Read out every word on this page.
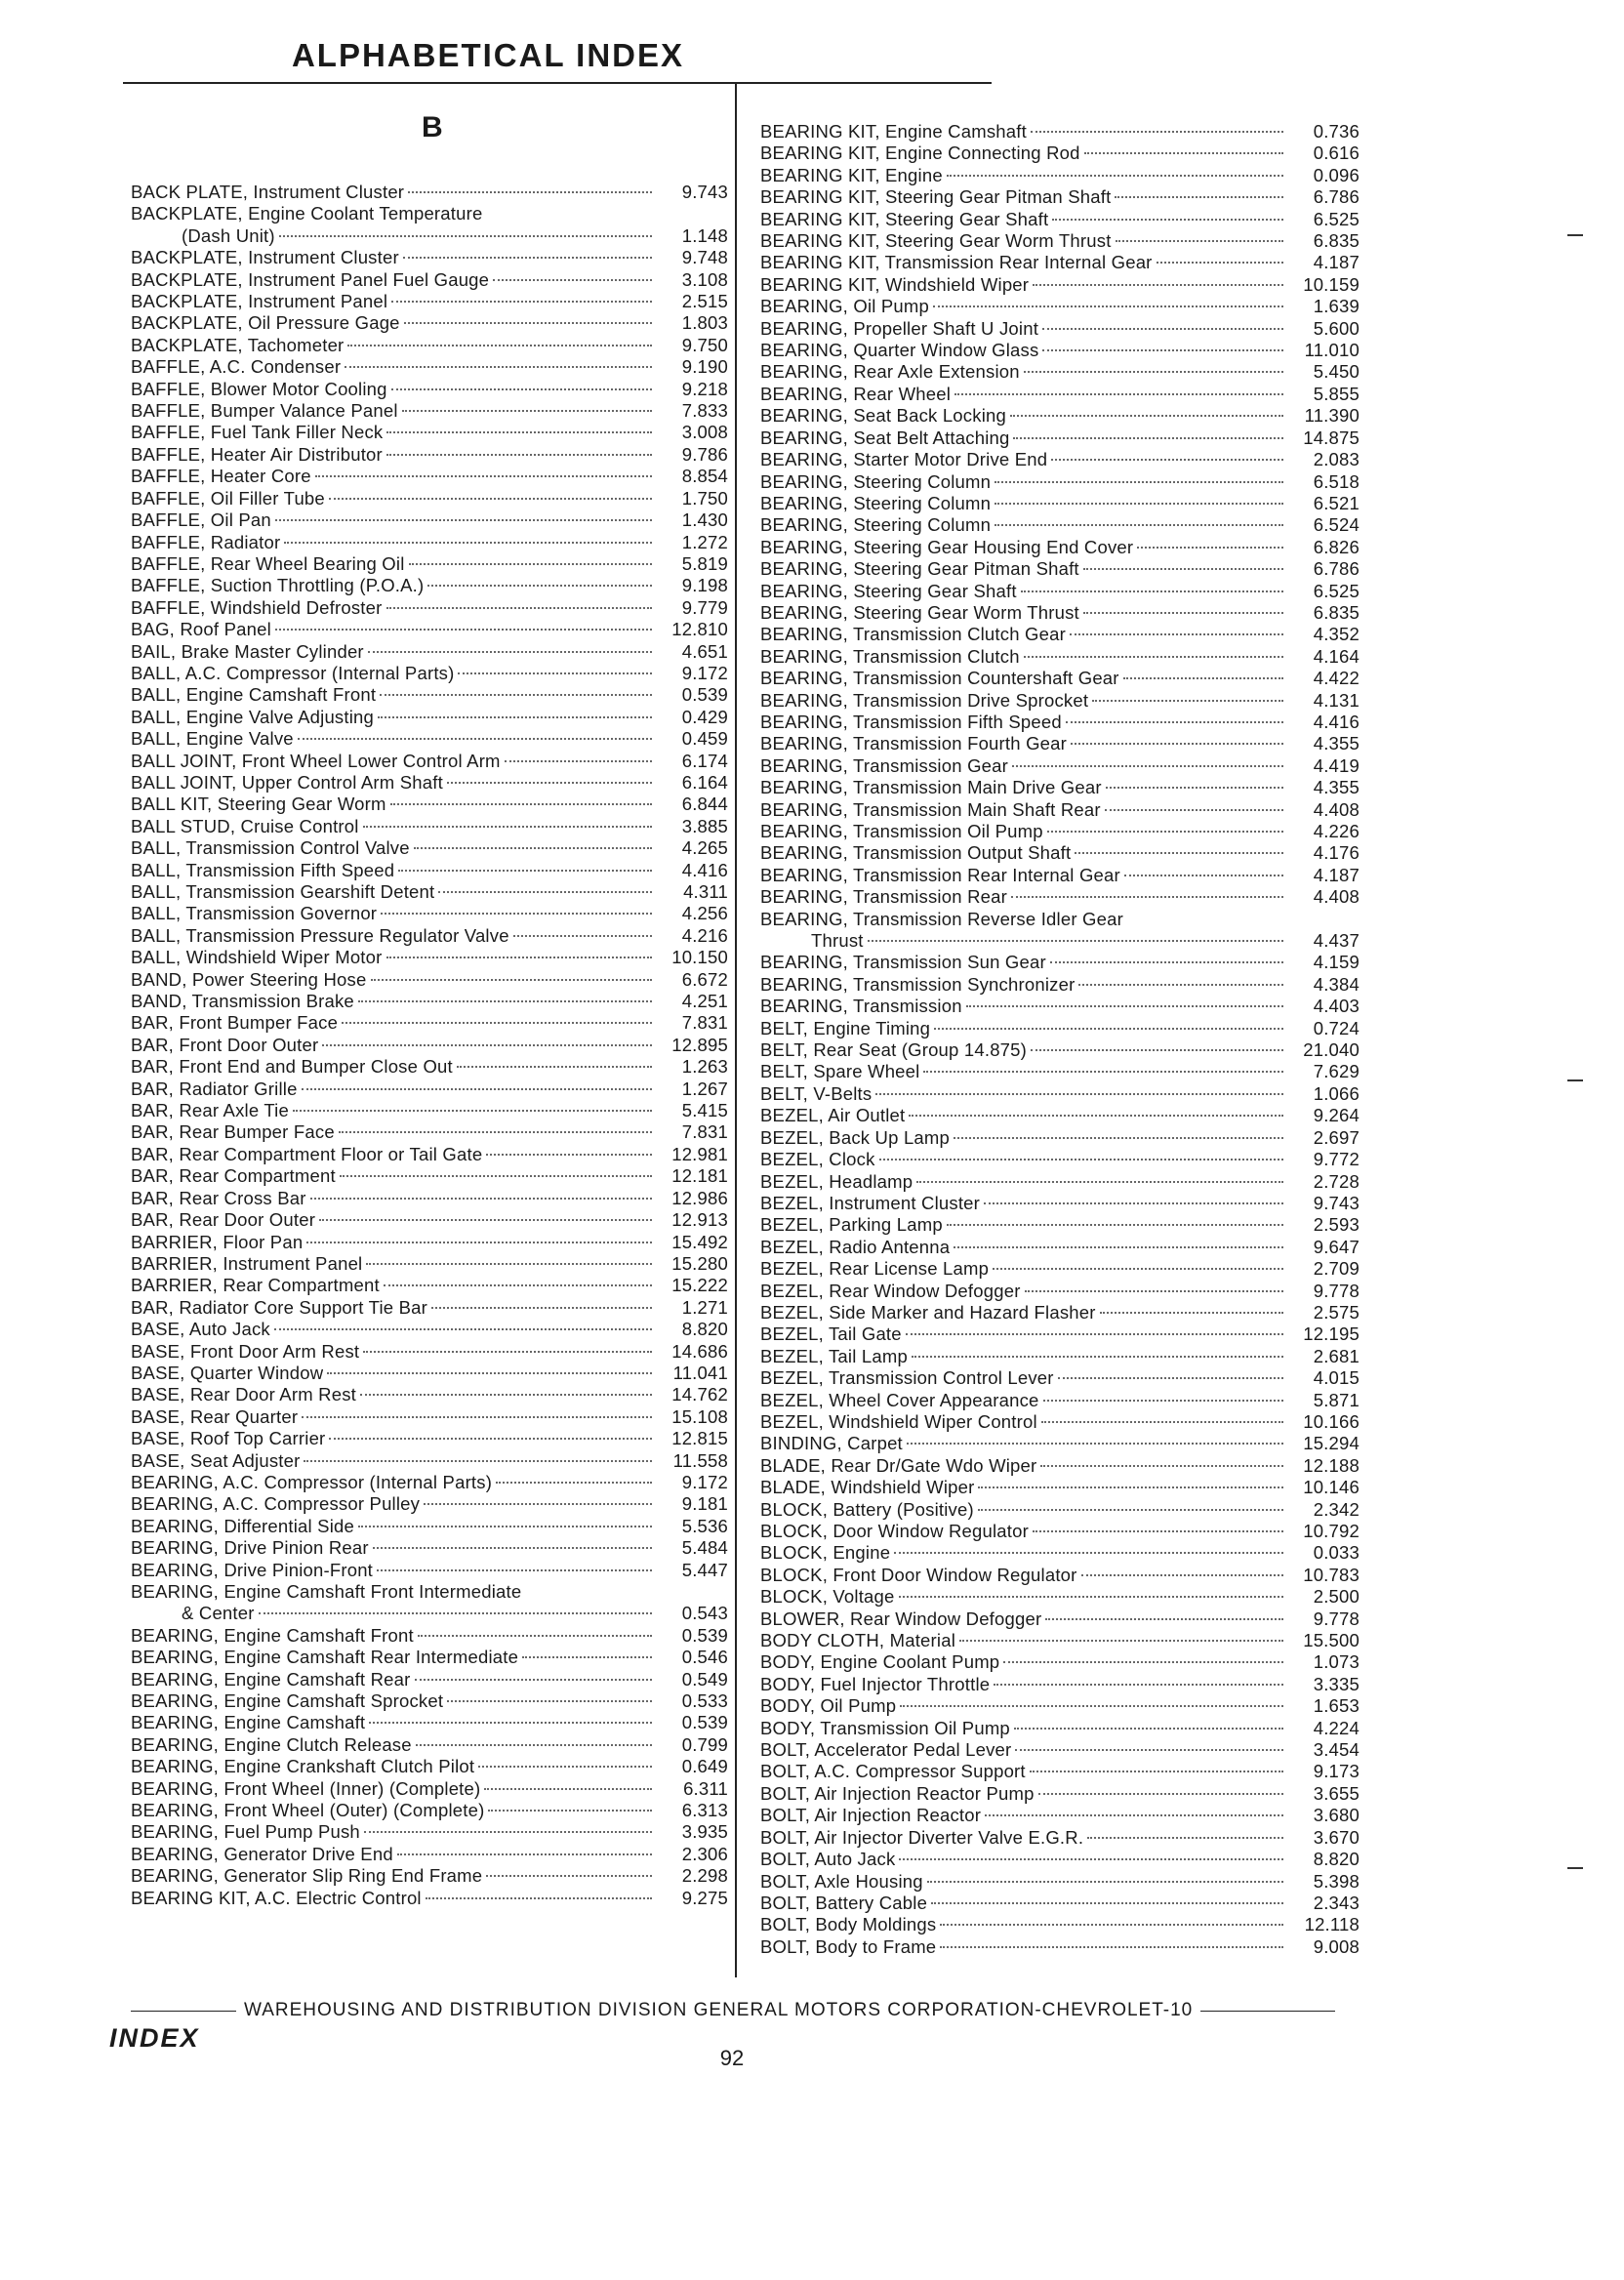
ALPHABETICAL INDEX
B
BACK PLATE, Instrument Cluster	9.743
BACKPLATE, Engine Coolant Temperature
(Dash Unit)	1.148
BACKPLATE, Instrument Cluster	9.748
BACKPLATE, Instrument Panel Fuel Gauge	3.108
BACKPLATE, Instrument Panel	2.515
BACKPLATE, Oil Pressure Gage	1.803
BACKPLATE, Tachometer	9.750
BAFFLE, A.C. Condenser	9.190
BAFFLE, Blower Motor Cooling	9.218
BAFFLE, Bumper Valance Panel	7.833
BAFFLE, Fuel Tank Filler Neck	3.008
BAFFLE, Heater Air Distributor	9.786
BAFFLE, Heater Core	8.854
BAFFLE, Oil Filler Tube	1.750
BAFFLE, Oil Pan	1.430
BAFFLE, Radiator	1.272
BAFFLE, Rear Wheel Bearing Oil	5.819
BAFFLE, Suction Throttling (P.O.A.)	9.198
BAFFLE, Windshield Defroster	9.779
BAG, Roof Panel	12.810
BAIL, Brake Master Cylinder	4.651
BALL, A.C. Compressor (Internal Parts)	9.172
BALL, Engine Camshaft Front	0.539
BALL, Engine Valve Adjusting	0.429
BALL, Engine Valve	0.459
BALL JOINT, Front Wheel Lower Control Arm	6.174
BALL JOINT, Upper Control Arm Shaft	6.164
BALL KIT, Steering Gear Worm	6.844
BALL STUD, Cruise Control	3.885
BALL, Transmission Control Valve	4.265
BALL, Transmission Fifth Speed	4.416
BALL, Transmission Gearshift Detent	4.311
BALL, Transmission Governor	4.256
BALL, Transmission Pressure Regulator Valve	4.216
BALL, Windshield Wiper Motor	10.150
BAND, Power Steering Hose	6.672
BAND, Transmission Brake	4.251
BAR, Front Bumper Face	7.831
BAR, Front Door Outer	12.895
BAR, Front End and Bumper Close Out	1.263
BAR, Radiator Grille	1.267
BAR, Rear Axle Tie	5.415
BAR, Rear Bumper Face	7.831
BAR, Rear Compartment Floor or Tail Gate	12.981
BAR, Rear Compartment	12.181
BAR, Rear Cross Bar	12.986
BAR, Rear Door Outer	12.913
BARRIER, Floor Pan	15.492
BARRIER, Instrument Panel	15.280
BARRIER, Rear Compartment	15.222
BAR, Radiator Core Support Tie Bar	1.271
BASE, Auto Jack	8.820
BASE, Front Door Arm Rest	14.686
BASE, Quarter Window	11.041
BASE, Rear Door Arm Rest	14.762
BASE, Rear Quarter	15.108
BASE, Roof Top Carrier	12.815
BASE, Seat Adjuster	11.558
BEARING, A.C. Compressor (Internal Parts)	9.172
BEARING, A.C. Compressor Pulley	9.181
BEARING, Differential Side	5.536
BEARING, Drive Pinion Rear	5.484
BEARING, Drive Pinion-Front	5.447
BEARING, Engine Camshaft Front Intermediate
& Center	0.543
BEARING, Engine Camshaft Front	0.539
BEARING, Engine Camshaft Rear Intermediate	0.546
BEARING, Engine Camshaft Rear	0.549
BEARING, Engine Camshaft Sprocket	0.533
BEARING, Engine Camshaft	0.539
BEARING, Engine Clutch Release	0.799
BEARING, Engine Crankshaft Clutch Pilot	0.649
BEARING, Front Wheel (Inner) (Complete)	6.311
BEARING, Front Wheel (Outer) (Complete)	6.313
BEARING, Fuel Pump Push	3.935
BEARING, Generator Drive End	2.306
BEARING, Generator Slip Ring End Frame	2.298
BEARING KIT, A.C. Electric Control	9.275
BEARING KIT, Engine Camshaft	0.736
BEARING KIT, Engine Connecting Rod	0.616
BEARING KIT, Engine	0.096
BEARING KIT, Steering Gear Pitman Shaft	6.786
BEARING KIT, Steering Gear Shaft	6.525
BEARING KIT, Steering Gear Worm Thrust	6.835
BEARING KIT, Transmission Rear Internal Gear	4.187
BEARING KIT, Windshield Wiper	10.159
BEARING, Oil Pump	1.639
BEARING, Propeller Shaft U Joint	5.600
BEARING, Quarter Window Glass	11.010
BEARING, Rear Axle Extension	5.450
BEARING, Rear Wheel	5.855
BEARING, Seat Back Locking	11.390
BEARING, Seat Belt Attaching	14.875
BEARING, Starter Motor Drive End	2.083
BEARING, Steering Column	6.518
BEARING, Steering Column	6.521
BEARING, Steering Column	6.524
BEARING, Steering Gear Housing End Cover	6.826
BEARING, Steering Gear Pitman Shaft	6.786
BEARING, Steering Gear Shaft	6.525
BEARING, Steering Gear Worm Thrust	6.835
BEARING, Transmission Clutch Gear	4.352
BEARING, Transmission Clutch	4.164
BEARING, Transmission Countershaft Gear	4.422
BEARING, Transmission Drive Sprocket	4.131
BEARING, Transmission Fifth Speed	4.416
BEARING, Transmission Fourth Gear	4.355
BEARING, Transmission Gear	4.419
BEARING, Transmission Main Drive Gear	4.355
BEARING, Transmission Main Shaft Rear	4.408
BEARING, Transmission Oil Pump	4.226
BEARING, Transmission Output Shaft	4.176
BEARING, Transmission Rear Internal Gear	4.187
BEARING, Transmission Rear	4.408
BEARING, Transmission Reverse Idler Gear
Thrust	4.437
BEARING, Transmission Sun Gear	4.159
BEARING, Transmission Synchronizer	4.384
BEARING, Transmission	4.403
BELT, Engine Timing	0.724
BELT, Rear Seat (Group 14.875)	21.040
BELT, Spare Wheel	7.629
BELT, V-Belts	1.066
BEZEL, Air Outlet	9.264
BEZEL, Back Up Lamp	2.697
BEZEL, Clock	9.772
BEZEL, Headlamp	2.728
BEZEL, Instrument Cluster	9.743
BEZEL, Parking Lamp	2.593
BEZEL, Radio Antenna	9.647
BEZEL, Rear License Lamp	2.709
BEZEL, Rear Window Defogger	9.778
BEZEL, Side Marker and Hazard Flasher	2.575
BEZEL, Tail Gate	12.195
BEZEL, Tail Lamp	2.681
BEZEL, Transmission Control Lever	4.015
BEZEL, Wheel Cover Appearance	5.871
BEZEL, Windshield Wiper Control	10.166
BINDING, Carpet	15.294
BLADE, Rear Dr/Gate Wdo Wiper	12.188
BLADE, Windshield Wiper	10.146
BLOCK, Battery (Positive)	2.342
BLOCK, Door Window Regulator	10.792
BLOCK, Engine	0.033
BLOCK, Front Door Window Regulator	10.783
BLOCK, Voltage	2.500
BLOWER, Rear Window Defogger	9.778
BODY CLOTH, Material	15.500
BODY, Engine Coolant Pump	1.073
BODY, Fuel Injector Throttle	3.335
BODY, Oil Pump	1.653
BODY, Transmission Oil Pump	4.224
BOLT, Accelerator Pedal Lever	3.454
BOLT, A.C. Compressor Support	9.173
BOLT, Air Injection Reactor Pump	3.655
BOLT, Air Injection Reactor	3.680
BOLT, Air Injector Diverter Valve E.G.R.	3.670
BOLT, Auto Jack	8.820
BOLT, Axle Housing	5.398
BOLT, Battery Cable	2.343
BOLT, Body Moldings	12.118
BOLT, Body to Frame	9.008
WAREHOUSING AND DISTRIBUTION DIVISION GENERAL MOTORS CORPORATION-CHEVROLET-10
INDEX
92
